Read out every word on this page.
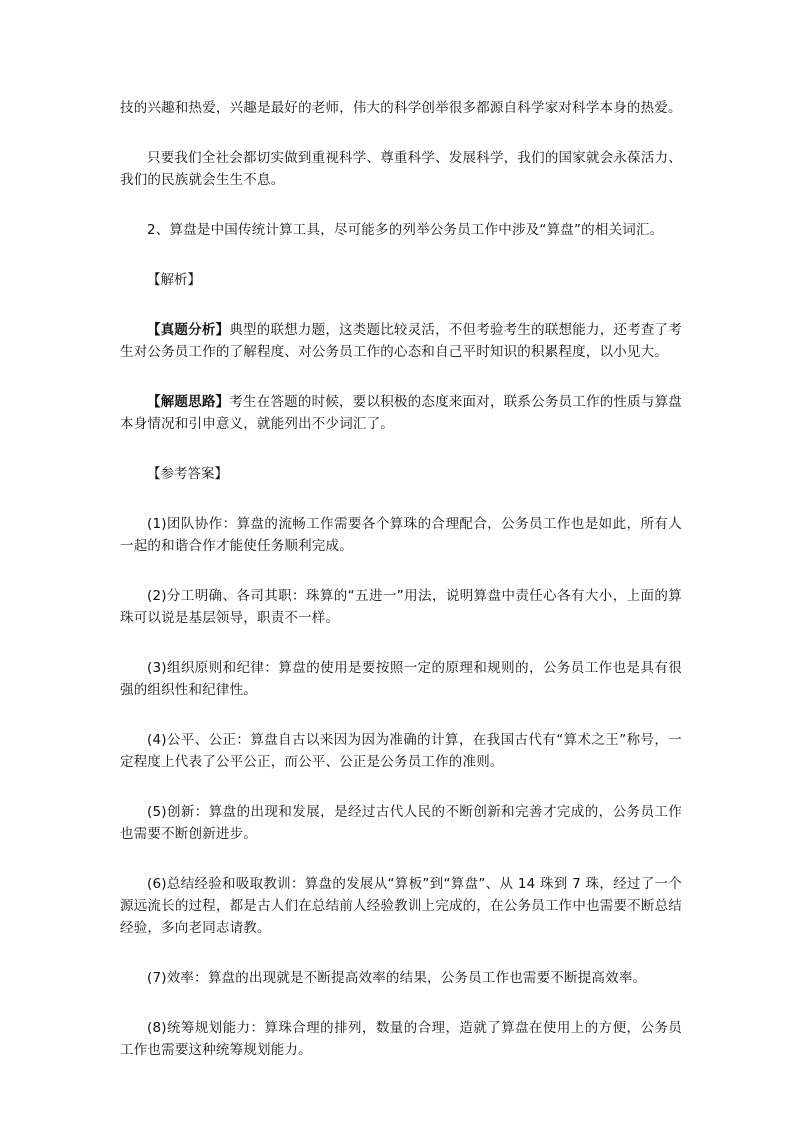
技的兴趣和热爱，兴趣是最好的老师，伟大的科学创举很多都源自科学家对科学本身的热爱。

只要我们全社会都切实做到重视科学、尊重科学、发展科学，我们的国家就会永葆活力、我们的民族就会生生不息。

2、算盘是中国传统计算工具，尽可能多的列举公务员工作中涉及“算盘”的相关词汇。

【解析】

【真题分析】典型的联想力题，这类题比较灵活，不但考验考生的联想能力，还考查了考生对公务员工作的了解程度、对公务员工作的心态和自己平时知识的积累程度，以小见大。

【解题思路】考生在答题的时候，要以积极的态度来面对，联系公务员工作的性质与算盘本身情况和引申意义，就能列出不少词汇了。

【参考答案】

(1)团队协作：算盘的流畅工作需要各个算珠的合理配合，公务员工作也是如此，所有人一起的和谐合作才能使任务顺利完成。

(2)分工明确、各司其职：珠算的“五进一”用法，说明算盘中责任心各有大小，上面的算珠可以说是基层领导，职责不一样。

(3)组织原则和纪律：算盘的使用是要按照一定的原理和规则的，公务员工作也是具有很强的组织性和纪律性。

(4)公平、公正：算盘自古以来因为因为准确的计算，在我国古代有“算术之王”称号，一定程度上代表了公平公正，而公平、公正是公务员工作的准则。

(5)创新：算盘的出现和发展，是经过古代人民的不断创新和完善才完成的，公务员工作也需要不断创新进步。

(6)总结经验和吸取教训：算盘的发展从“算板”到“算盘”、从 14 珠到 7 珠，经过了一个源远流长的过程，都是古人们在总结前人经验教训上完成的，在公务员工作中也需要不断总结经验，多向老同志请教。

(7)效率：算盘的出现就是不断提高效率的结果，公务员工作也需要不断提高效率。

(8)统筹规划能力：算珠合理的排列，数量的合理，造就了算盘在使用上的方便，公务员工作也需要这种统筹规划能力。
